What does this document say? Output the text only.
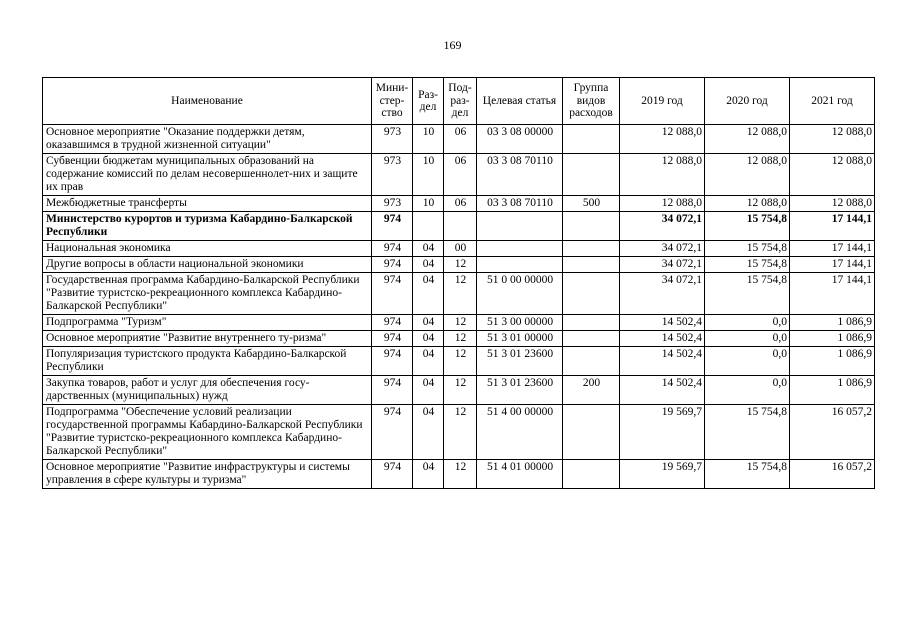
169
Наименование	Мини-стер-ство	Раз-дел	Под-раз-дел	Целевая статья	Группа видов расходов	2019 год	2020 год	2021 год
Основное мероприятие "Оказание поддержки детям, оказавшимся в трудной жизненной ситуации"	973	10	06	03 3 08 00000		12 088,0	12 088,0	12 088,0
Субвенции бюджетам муниципальных образований на содержание комиссий по делам несовершеннолет-них и защите их прав	973	10	06	03 3 08 70110		12 088,0	12 088,0	12 088,0
Межбюджетные трансферты	973	10	06	03 3 08 70110	500	12 088,0	12 088,0	12 088,0
Министерство курортов и туризма Кабардино-Балкарской Республики	974					34 072,1	15 754,8	17 144,1
Национальная экономика	974	04	00			34 072,1	15 754,8	17 144,1
Другие вопросы в области национальной экономики	974	04	12			34 072,1	15 754,8	17 144,1
Государственная программа Кабардино-Балкарской Республики "Развитие туристско-рекреационного комплекса Кабардино-Балкарской Республики"	974	04	12	51 0 00 00000		34 072,1	15 754,8	17 144,1
Подпрограмма "Туризм"	974	04	12	51 3 00 00000		14 502,4	0,0	1 086,9
Основное мероприятие "Развитие внутреннего ту-ризма"	974	04	12	51 3 01 00000		14 502,4	0,0	1 086,9
Популяризация туристского продукта Кабардино-Балкарской Республики	974	04	12	51 3 01 23600		14 502,4	0,0	1 086,9
Закупка товаров, работ и услуг для обеспечения госу-дарственных (муниципальных) нужд	974	04	12	51 3 01 23600	200	14 502,4	0,0	1 086,9
Подпрограмма "Обеспечение условий реализации государственной программы Кабардино-Балкарской Республики "Развитие туристско-рекреационного комплекса Кабардино-Балкарской Республики"	974	04	12	51 4 00 00000		19 569,7	15 754,8	16 057,2
Основное мероприятие "Развитие инфраструктуры и системы управления в сфере культуры и туризма"	974	04	12	51 4 01 00000		19 569,7	15 754,8	16 057,2
